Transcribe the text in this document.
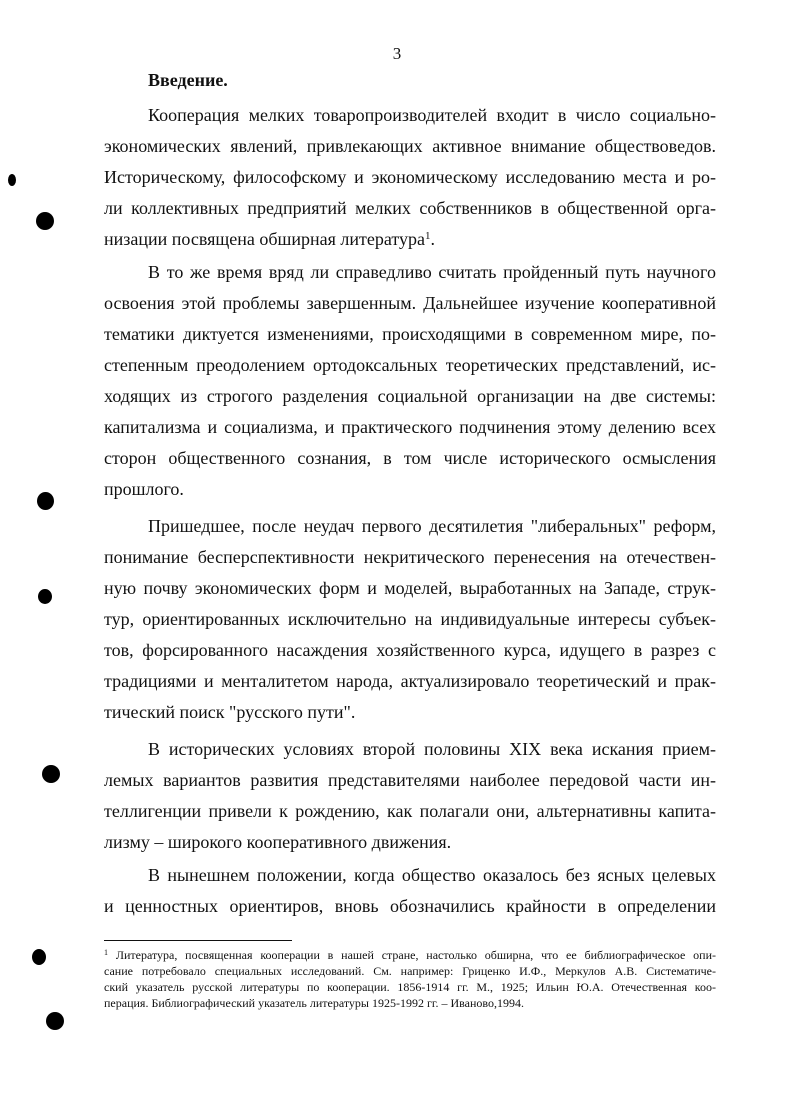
3
Введение.
Кооперация мелких товаропроизводителей входит в число социально-
экономических явлений, привлекающих активное внимание обществоведов.
Историческому, философскому и экономическому исследованию места и ро-
ли коллективных предприятий мелких собственников в общественной орга-
низации посвящена обширная литература$^1$.
В то же время вряд ли справедливо считать пройденный путь научного
освоения этой проблемы завершенным. Дальнейшее изучение кооперативной
тематики диктуется изменениями, происходящими в современном мире, по-
степенным преодолением ортодоксальных теоретических представлений, ис-
ходящих из строгого разделения социальной организации на две системы:
капитализма и социализма, и практического подчинения этому делению всех
сторон общественного сознания, в том числе исторического осмысления
прошлого.
Пришедшее, после неудач первого десятилетия "либеральных" реформ,
понимание бесперспективности некритического перенесения на отечествен-
ную почву экономических форм и моделей, выработанных на Западе, струк-
тур, ориентированных исключительно на индивидуальные интересы субъек-
тов, форсированного насаждения хозяйственного курса, идущего в разрез с
традициями и менталитетом народа, актуализировало теоретический и прак-
тический поиск "русского пути".
В исторических условиях второй половины XIX века искания прием-
лемых вариантов развития представителями наиболее передовой части ин-
теллигенции привели к рождению, как полагали они, альтернативны капита-
лизму – широкого кооперативного движения.
В нынешнем положении, когда общество оказалось без ясных целевых
и ценностных ориентиров, вновь обозначились крайности в определении
$^1$ Литература, посвященная кооперации в нашей стране, настолько обширна, что ее библиографическое опи-
сание потребовало специальных исследований. См. например: Гриценко И.Ф., Меркулов А.В. Систематиче-
ский указатель русской литературы по кооперации. 1856-1914 гг. М., 1925; Ильин Ю.А. Отечественная коо-
перация. Библиографический указатель литературы 1925-1992 гг. – Иваново,1994.
